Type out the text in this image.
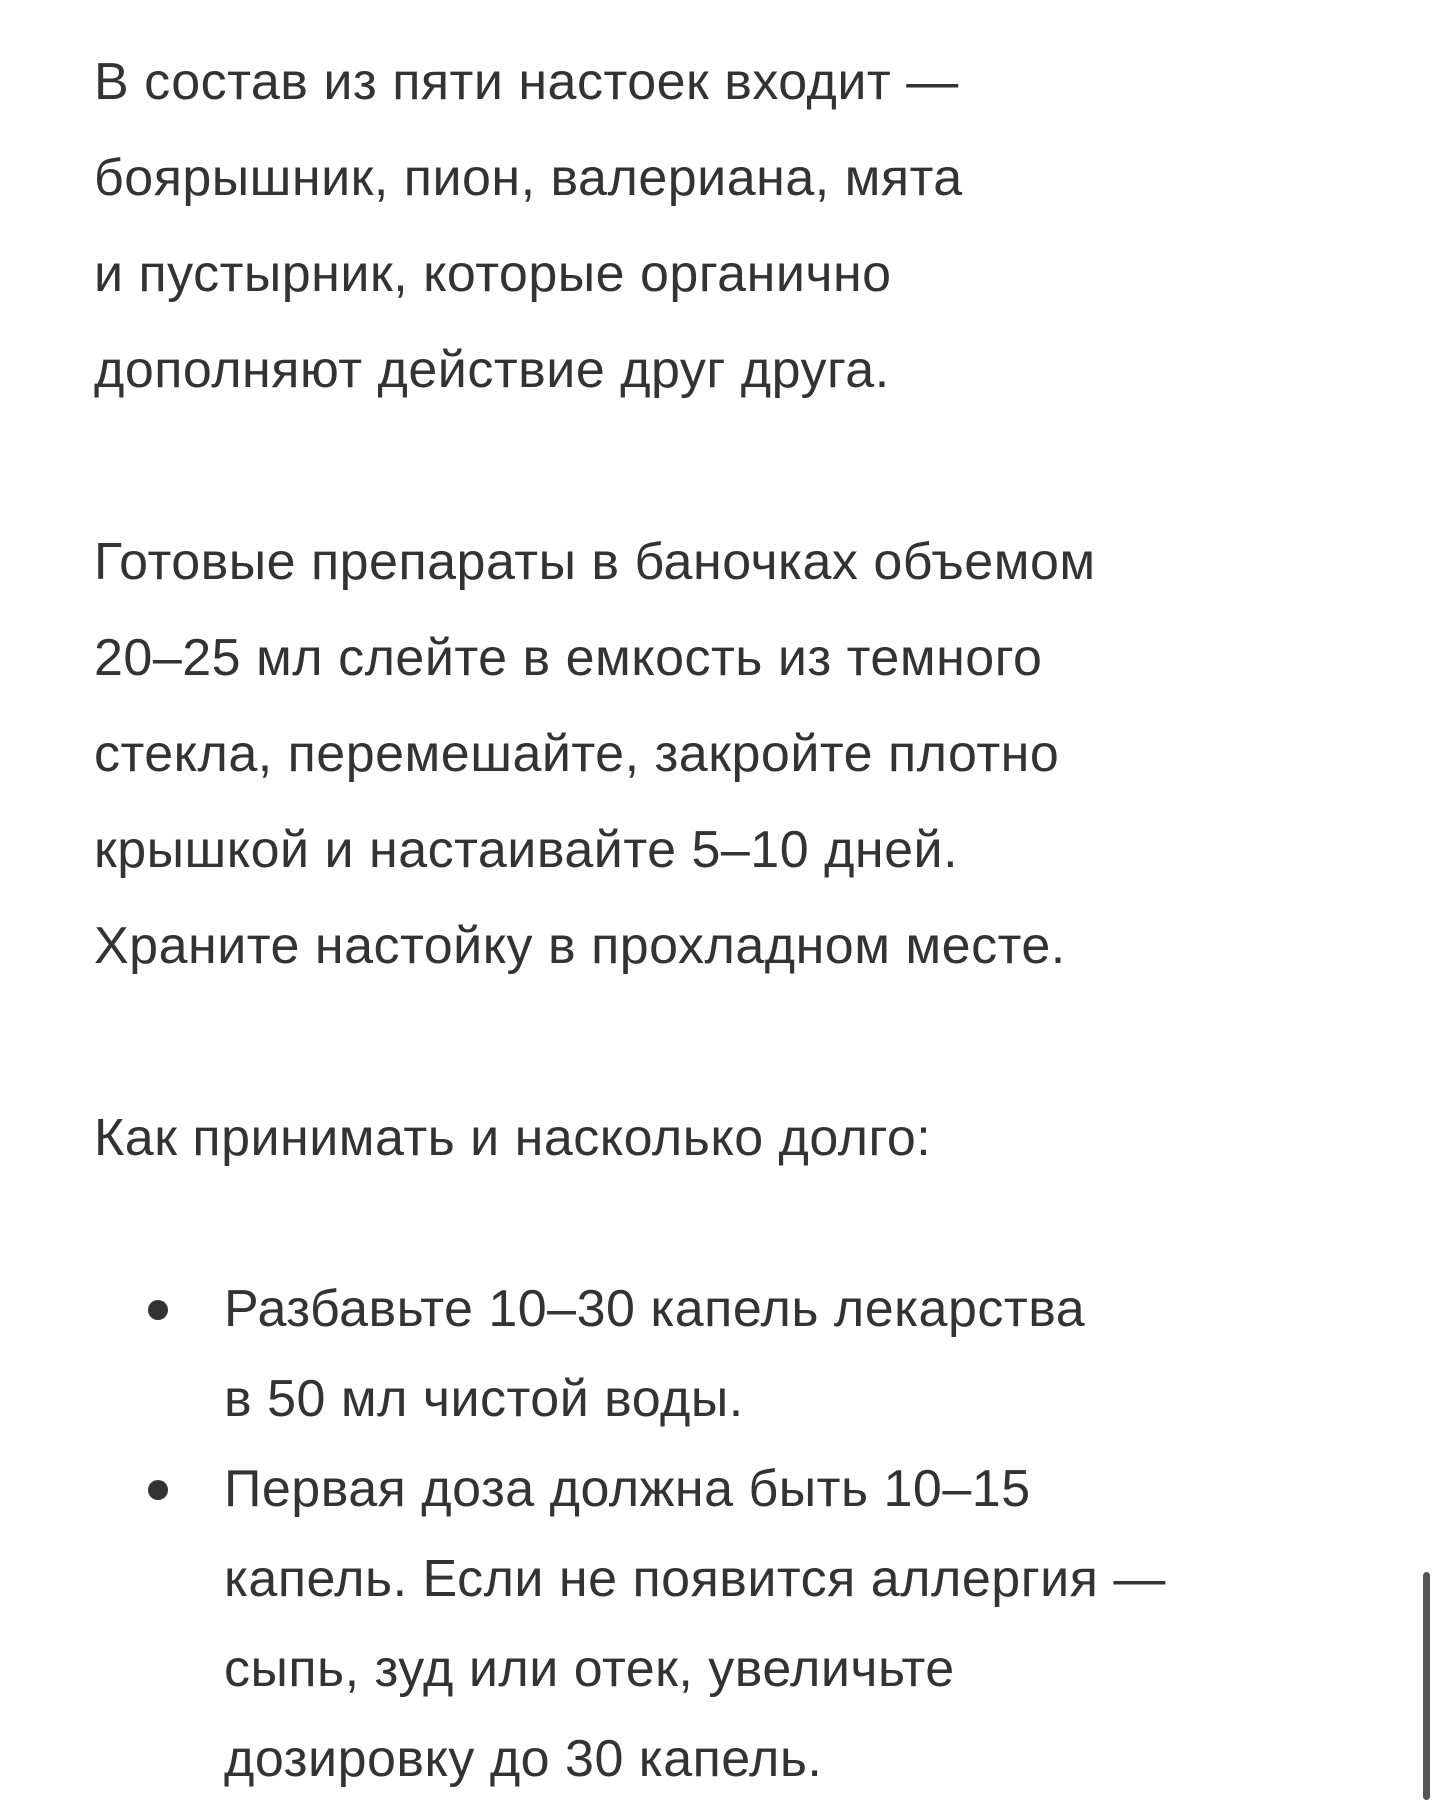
В состав из пяти настоек входит —
боярышник, пион, валериана, мята
и пустырник, которые органично
дополняют действие друг друга.

Готовые препараты в баночках объемом
20–25 мл слейте в емкость из темного
стекла, перемешайте, закройте плотно
крышкой и настаивайте 5–10 дней.
Храните настойку в прохладном месте.

Как принимать и насколько долго:

Разбавьте 10–30 капель лекарства
в 50 мл чистой воды.
Первая доза должна быть 10–15
капель. Если не появится аллергия —
сыпь, зуд или отек, увеличьте
дозировку до 30 капель.
